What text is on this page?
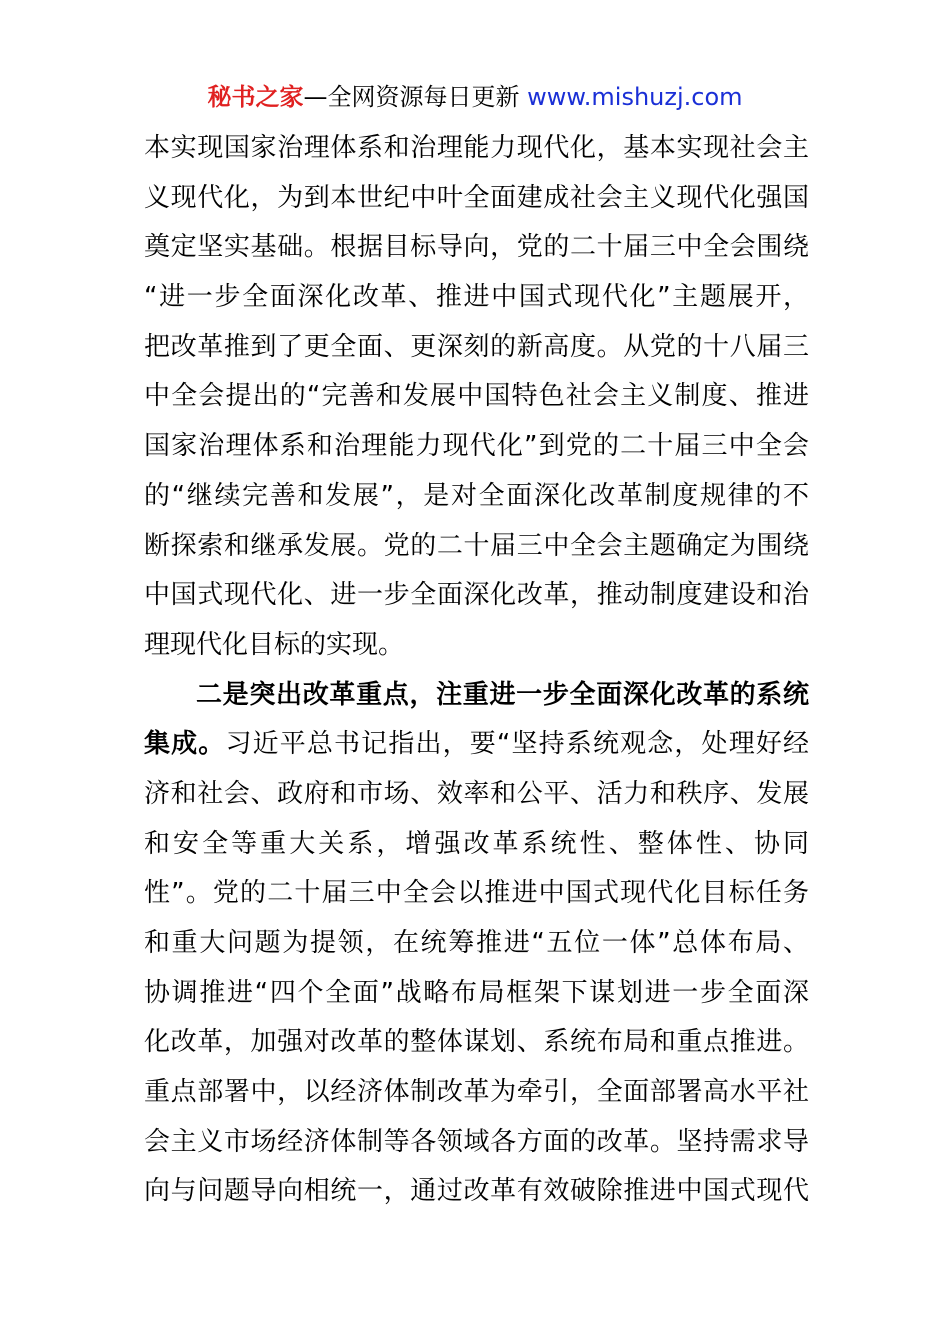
秘书之家—全网资源每日更新 www.mishuzj.com
本实现国家治理体系和治理能力现代化，基本实现社会主
义现代化，为到本世纪中叶全面建成社会主义现代化强国
奠定坚实基础。根据目标导向，党的二十届三中全会围绕
“进一步全面深化改革、推进中国式现代化”主题展开，
把改革推到了更全面、更深刻的新高度。从党的十八届三
中全会提出的“完善和发展中国特色社会主义制度、推进
国家治理体系和治理能力现代化”到党的二十届三中全会
的“继续完善和发展”，是对全面深化改革制度规律的不
断探索和继承发展。党的二十届三中全会主题确定为围绕
中国式现代化、进一步全面深化改革，推动制度建设和治
理现代化目标的实现。
二是突出改革重点，注重进一步全面深化改革的系统
集成。习近平总书记指出，要“坚持系统观念，处理好经
济和社会、政府和市场、效率和公平、活力和秩序、发展
和安全等重大关系，增强改革系统性、整体性、协同
性”。党的二十届三中全会以推进中国式现代化目标任务
和重大问题为提领，在统筹推进“五位一体”总体布局、
协调推进“四个全面”战略布局框架下谋划进一步全面深
化改革，加强对改革的整体谋划、系统布局和重点推进。
重点部署中，以经济体制改革为牵引，全面部署高水平社
会主义市场经济体制等各领域各方面的改革。坚持需求导
向与问题导向相统一，通过改革有效破除推进中国式现代
